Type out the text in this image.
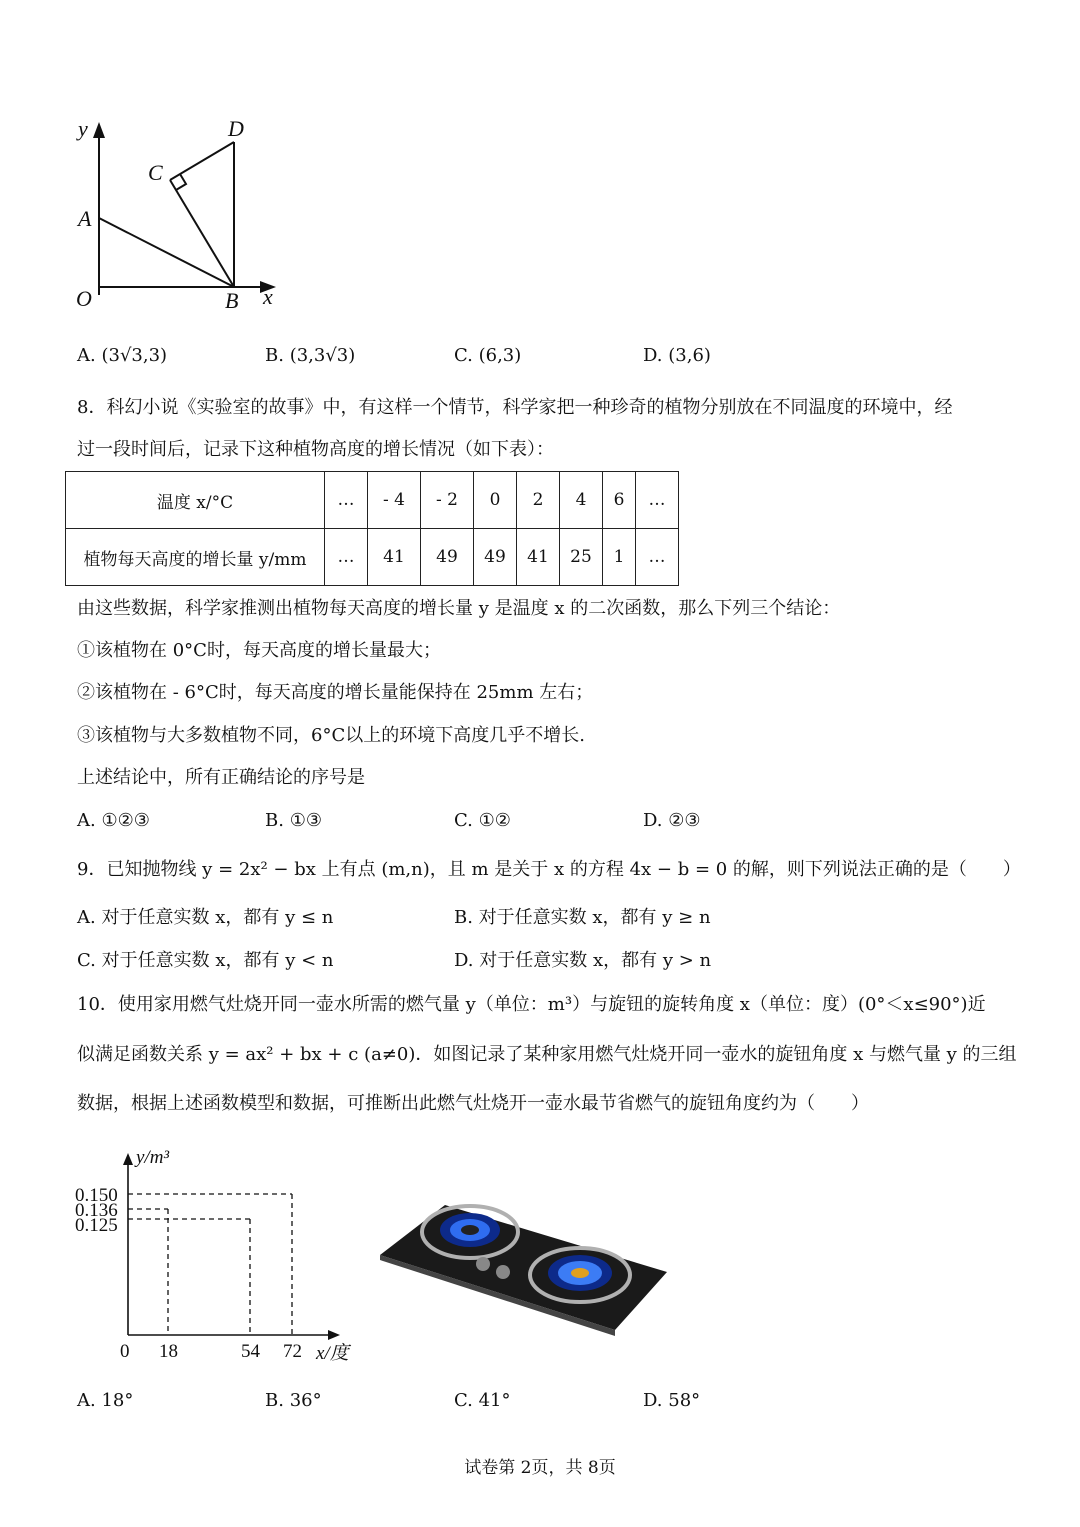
y
x
O
A
B
C
D
A. (3√3,3)	B. (3,3√3)	C. (6,3)	D. (3,6)
8．科幻小说《实验室的故事》中，有这样一个情节，科学家把一种珍奇的植物分别放在不同温度的环境中，经
过一段时间后，记录下这种植物高度的增长情况（如下表）：
温度 x/°C	…	- 4	- 2	0	2	4	6	…
植物每天高度的增长量 y/mm	…	41	49	49	41	25	1	…
由这些数据，科学家推测出植物每天高度的增长量 y 是温度 x 的二次函数，那么下列三个结论：
①该植物在 0°C时，每天高度的增长量最大；
②该植物在 - 6°C时，每天高度的增长量能保持在 25mm 左右；
③该植物与大多数植物不同，6°C以上的环境下高度几乎不增长.
上述结论中，所有正确结论的序号是
A. ①②③	B. ①③	C. ①②	D. ②③
9．已知抛物线 y = 2x² − bx 上有点 (m,n)，且 m 是关于 x 的方程 4x − b = 0 的解，则下列说法正确的是（　　）
A. 对于任意实数 x，都有 y ≤ n	B. 对于任意实数 x，都有 y ≥ n
C. 对于任意实数 x，都有 y < n	D. 对于任意实数 x，都有 y > n
10．使用家用燃气灶烧开同一壶水所需的燃气量 y（单位：m³）与旋钮的旋转角度 x（单位：度）(0°＜x≤90°)近
似满足函数关系 y = ax² + bx + c (a≠0)．如图记录了某种家用燃气灶烧开同一壶水的旋钮角度 x 与燃气量 y 的三组
数据，根据上述函数模型和数据，可推断出此燃气灶烧开一壶水最节省燃气的旋钮角度约为（　　）
y/m³
0.150
0.136
0.125
0 18	54 72 x/度
A. 18°	B. 36°	C. 41°	D. 58°
试卷第 2页，共 8页
